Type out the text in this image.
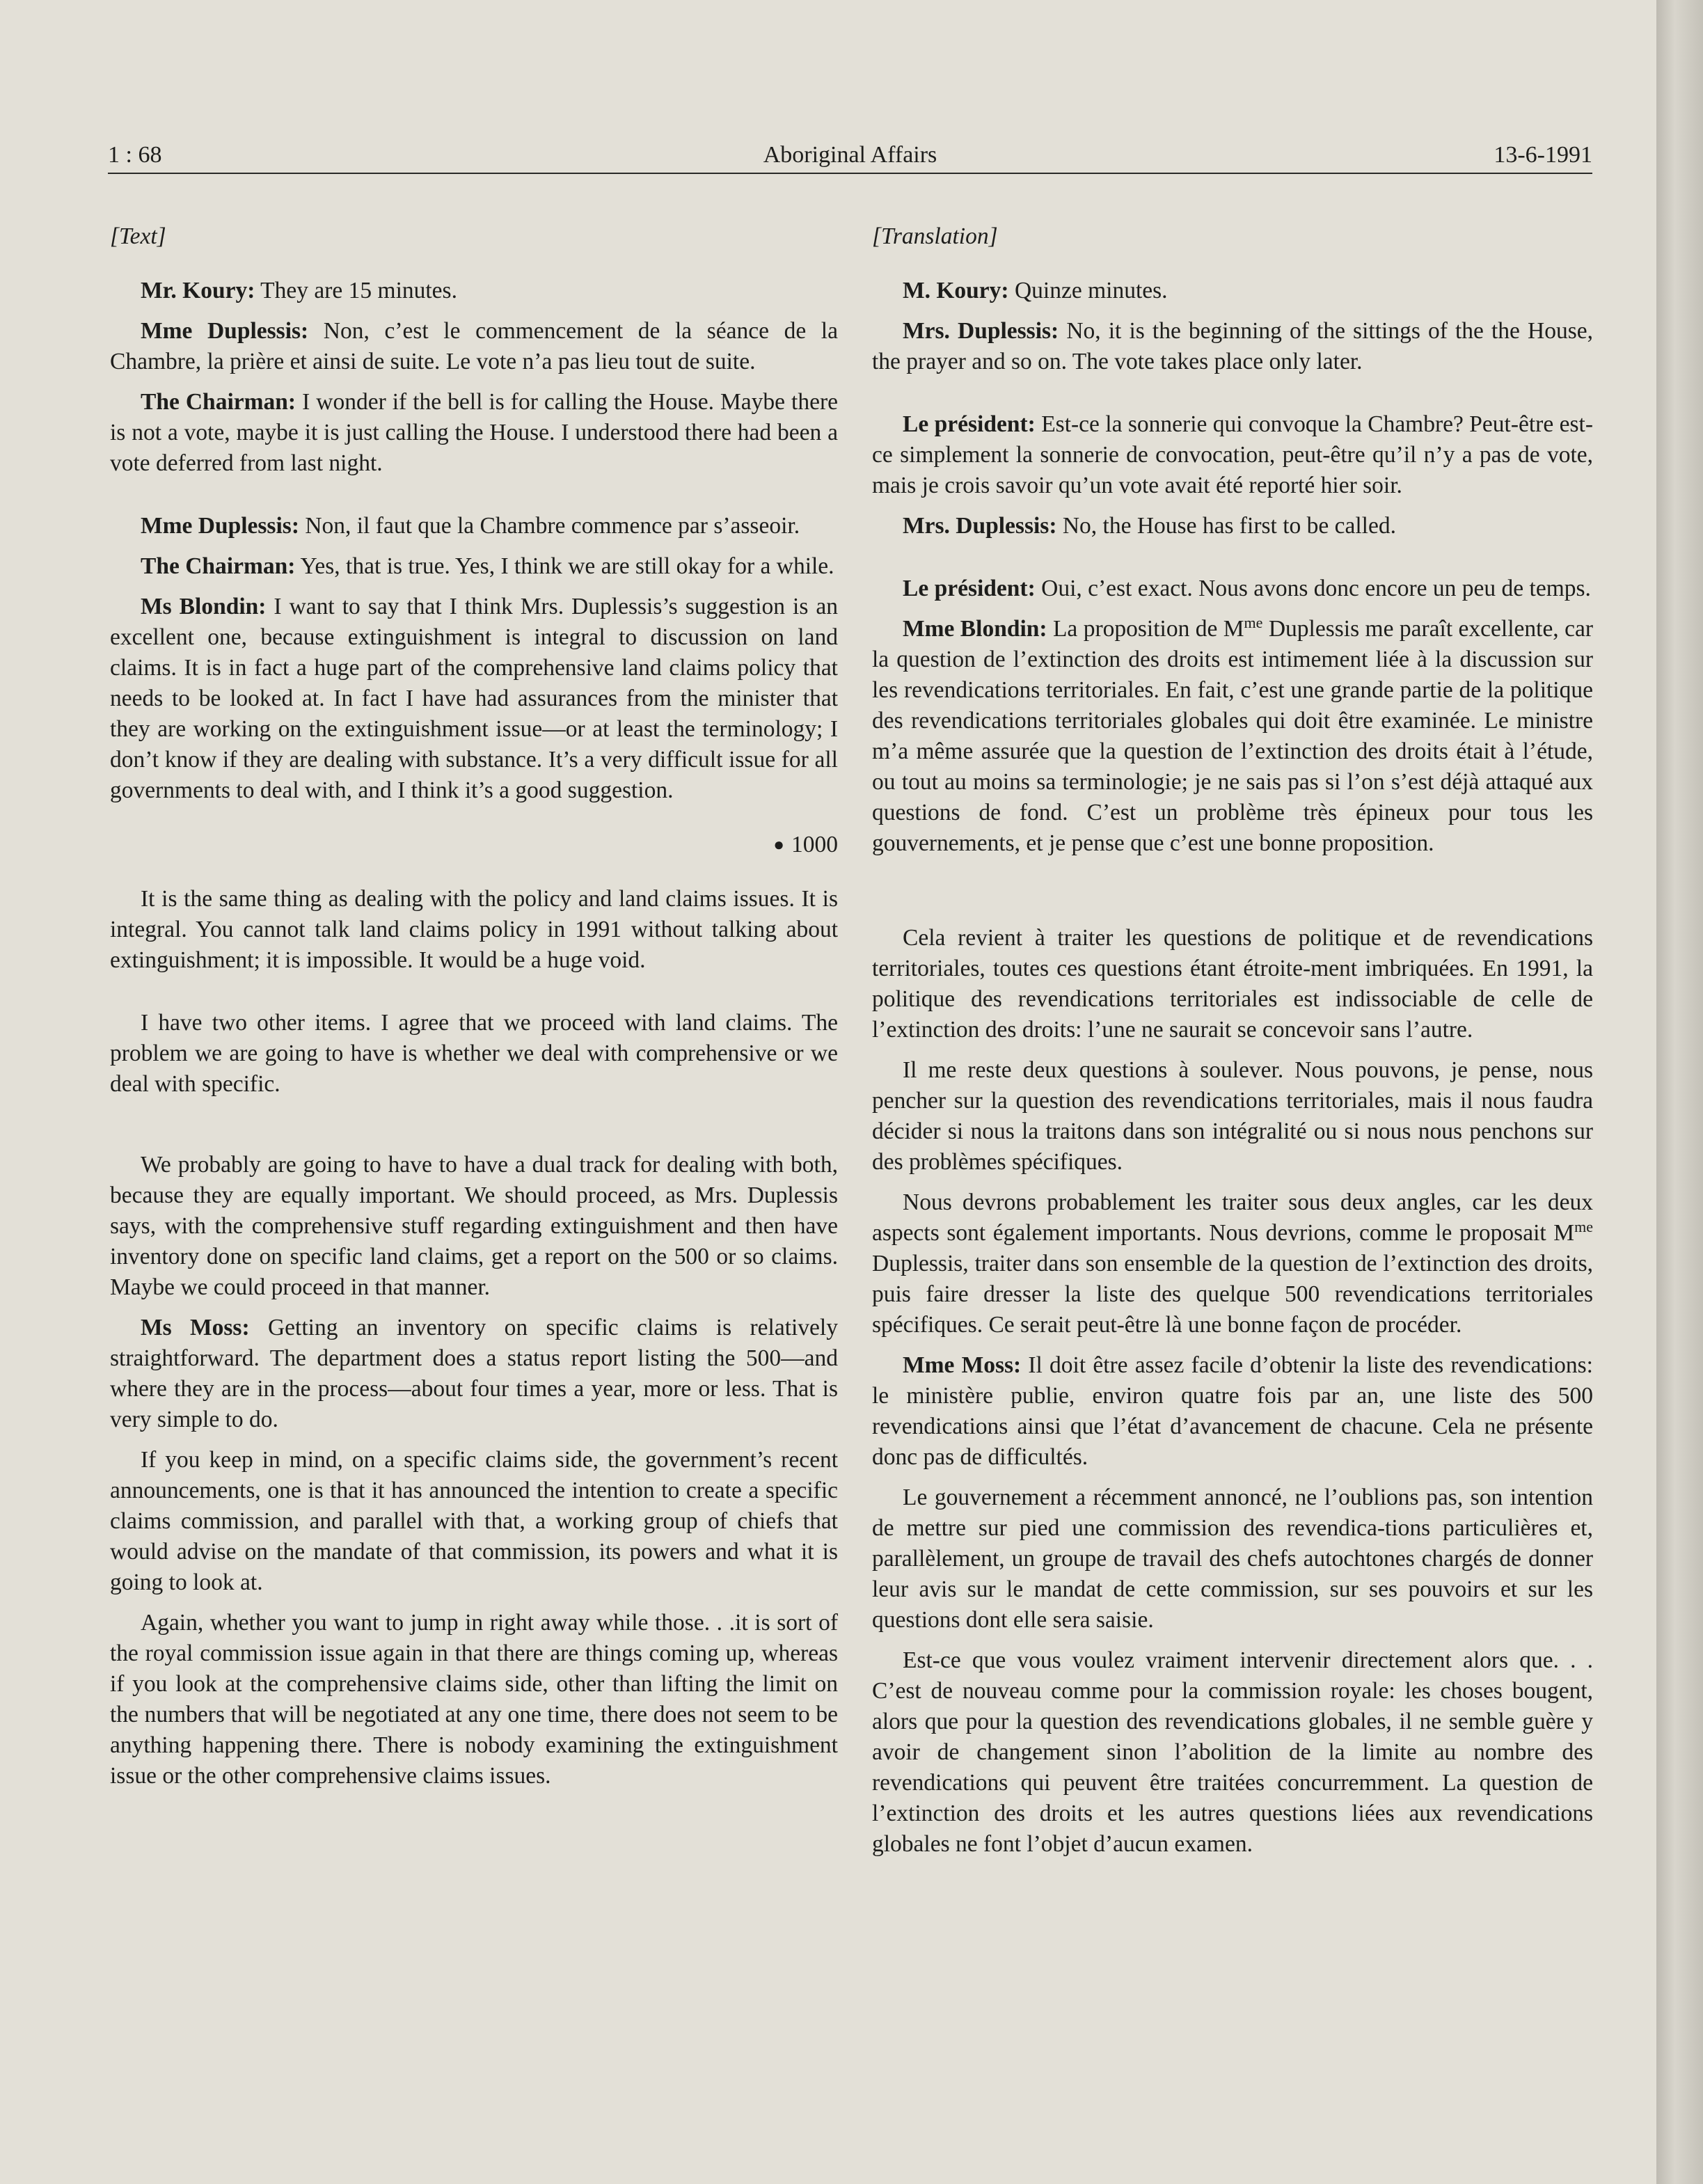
1 : 68	Aboriginal Affairs	13-6-1991

[Text]

Mr. Koury: They are 15 minutes.

Mme Duplessis: Non, c’est le commencement de la séance de la Chambre, la prière et ainsi de suite. Le vote n’a pas lieu tout de suite.

The Chairman: I wonder if the bell is for calling the House. Maybe there is not a vote, maybe it is just calling the House. I understood there had been a vote deferred from last night.

Mme Duplessis: Non, il faut que la Chambre commence par s’asseoir.

The Chairman: Yes, that is true. Yes, I think we are still okay for a while.

Ms Blondin: I want to say that I think Mrs. Duplessis’s suggestion is an excellent one, because extinguishment is integral to discussion on land claims. It is in fact a huge part of the comprehensive land claims policy that needs to be looked at. In fact I have had assurances from the minister that they are working on the extinguishment issue—or at least the terminology; I don’t know if they are dealing with substance. It’s a very difficult issue for all governments to deal with, and I think it’s a good suggestion.

● 1000

It is the same thing as dealing with the policy and land claims issues. It is integral. You cannot talk land claims policy in 1991 without talking about extinguishment; it is impossible. It would be a huge void.

I have two other items. I agree that we proceed with land claims. The problem we are going to have is whether we deal with comprehensive or we deal with specific.

We probably are going to have to have a dual track for dealing with both, because they are equally important. We should proceed, as Mrs. Duplessis says, with the comprehensive stuff regarding extinguishment and then have inventory done on specific land claims, get a report on the 500 or so claims. Maybe we could proceed in that manner.

Ms Moss: Getting an inventory on specific claims is relatively straightforward. The department does a status report listing the 500—and where they are in the process—about four times a year, more or less. That is very simple to do.

If you keep in mind, on a specific claims side, the government’s recent announcements, one is that it has announced the intention to create a specific claims commission, and parallel with that, a working group of chiefs that would advise on the mandate of that commission, its powers and what it is going to look at.

Again, whether you want to jump in right away while those. . .it is sort of the royal commission issue again in that there are things coming up, whereas if you look at the comprehensive claims side, other than lifting the limit on the numbers that will be negotiated at any one time, there does not seem to be anything happening there. There is nobody examining the extinguishment issue or the other comprehensive claims issues.

[Translation]

M. Koury: Quinze minutes.

Mrs. Duplessis: No, it is the beginning of the sittings of the the House, the prayer and so on. The vote takes place only later.

Le président: Est-ce la sonnerie qui convoque la Chambre? Peut-être est-ce simplement la sonnerie de convocation, peut-être qu’il n’y a pas de vote, mais je crois savoir qu’un vote avait été reporté hier soir.

Mrs. Duplessis: No, the House has first to be called.

Le président: Oui, c’est exact. Nous avons donc encore un peu de temps.

Mme Blondin: La proposition de $M^{me}$ Duplessis me paraît excellente, car la question de l’extinction des droits est intimement liée à la discussion sur les revendications territoriales. En fait, c’est une grande partie de la politique des revendications territoriales globales qui doit être examinée. Le ministre m’a même assurée que la question de l’extinction des droits était à l’étude, ou tout au moins sa terminologie; je ne sais pas si l’on s’est déjà attaqué aux questions de fond. C’est un problème très épineux pour tous les gouvernements, et je pense que c’est une bonne proposition.

Cela revient à traiter les questions de politique et de revendications territoriales, toutes ces questions étant étroite-ment imbriquées. En 1991, la politique des revendications territoriales est indissociable de celle de l’extinction des droits: l’une ne saurait se concevoir sans l’autre.

Il me reste deux questions à soulever. Nous pouvons, je pense, nous pencher sur la question des revendications territoriales, mais il nous faudra décider si nous la traitons dans son intégralité ou si nous nous penchons sur des problèmes spécifiques.

Nous devrons probablement les traiter sous deux angles, car les deux aspects sont également importants. Nous devrions, comme le proposait $M^{me}$ Duplessis, traiter dans son ensemble de la question de l’extinction des droits, puis faire dresser la liste des quelque 500 revendications territoriales spécifiques. Ce serait peut-être là une bonne façon de procéder.

Mme Moss: Il doit être assez facile d’obtenir la liste des revendications: le ministère publie, environ quatre fois par an, une liste des 500 revendications ainsi que l’état d’avancement de chacune. Cela ne présente donc pas de difficultés.

Le gouvernement a récemment annoncé, ne l’oublions pas, son intention de mettre sur pied une commission des revendica-tions particulières et, parallèlement, un groupe de travail des chefs autochtones chargés de donner leur avis sur le mandat de cette commission, sur ses pouvoirs et sur les questions dont elle sera saisie.

Est-ce que vous voulez vraiment intervenir directement alors que. . . C’est de nouveau comme pour la commission royale: les choses bougent, alors que pour la question des revendications globales, il ne semble guère y avoir de changement sinon l’abolition de la limite au nombre des revendications qui peuvent être traitées concurremment. La question de l’extinction des droits et les autres questions liées aux revendications globales ne font l’objet d’aucun examen.
